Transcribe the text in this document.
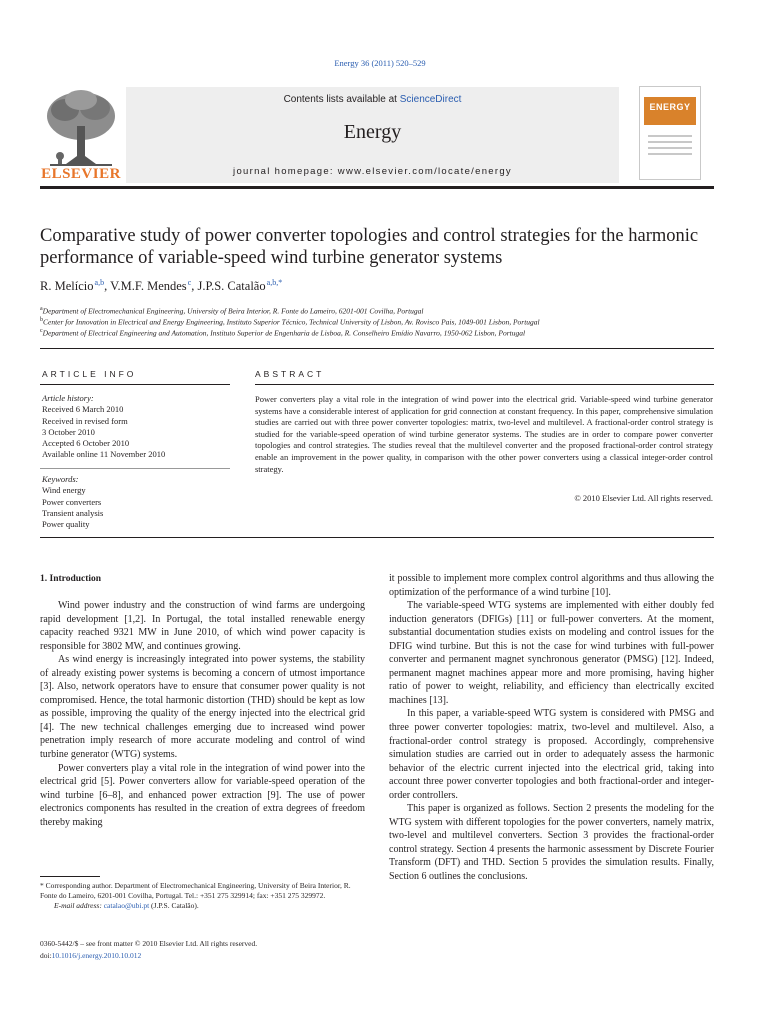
Energy 36 (2011) 520–529
ELSEVIER
Contents lists available at ScienceDirect
Energy
journal homepage: www.elsevier.com/locate/energy
ENERGY
Comparative study of power converter topologies and control strategies for the harmonic performance of variable-speed wind turbine generator systems
R. Melício $^{a,b}$, V.M.F. Mendes $^c$, J.P.S. Catalão $^{a,b,*}$
$^a$Department of Electromechanical Engineering, University of Beira Interior, R. Fonte do Lameiro, 6201-001 Covilha, Portugal
$^b$Center for Innovation in Electrical and Energy Engineering, Instituto Superior Técnico, Technical University of Lisbon, Av. Rovisco Pais, 1049-001 Lisbon, Portugal
$^c$Department of Electrical Engineering and Automation, Instituto Superior de Engenharia de Lisboa, R. Conselheiro Emídio Navarro, 1950-062 Lisbon, Portugal
ARTICLE INFO	ABSTRACT
Article history:
Received 6 March 2010
Received in revised form
3 October 2010
Accepted 6 October 2010
Available online 11 November 2010
Keywords:
Wind energy
Power converters
Transient analysis
Power quality
Power converters play a vital role in the integration of wind power into the electrical grid. Variable-speed wind turbine generator systems have a considerable interest of application for grid connection at constant frequency. In this paper, comprehensive simulation studies are carried out with three power converter topologies: matrix, two-level and multilevel. A fractional-order control strategy is studied for the variable-speed operation of wind turbine generator systems. The studies are in order to compare power converter topologies and control strategies. The studies reveal that the multilevel converter and the proposed fractional-order control strategy enable an improvement in the power quality, in comparison with the other power converters using a classical integer-order control strategy.
© 2010 Elsevier Ltd. All rights reserved.
1. Introduction

Wind power industry and the construction of wind farms are undergoing rapid development [1,2]. In Portugal, the total installed renewable energy capacity reached 9321 MW in June 2010, of which wind power capacity is responsible for 3802 MW, and continues growing.

As wind energy is increasingly integrated into power systems, the stability of already existing power systems is becoming a concern of utmost importance [3]. Also, network operators have to ensure that consumer power quality is not compromised. Hence, the total harmonic distortion (THD) should be kept as low as possible, improving the quality of the energy injected into the electrical grid [4]. The new technical challenges emerging due to increased wind power penetration imply research of more accurate modeling and control of wind turbine generator (WTG) systems.

Power converters play a vital role in the integration of wind power into the electrical grid [5]. Power converters allow for variable-speed operation of the wind turbine [6–8], and enhanced power extraction [9]. The use of power electronics components has resulted in the creation of extra degrees of freedom thereby making

it possible to implement more complex control algorithms and thus allowing the optimization of the performance of a wind turbine [10].

The variable-speed WTG systems are implemented with either doubly fed induction generators (DFIGs) [11] or full-power converters. At the moment, substantial documentation studies exists on modeling and control issues for the DFIG wind turbine. But this is not the case for wind turbines with full-power converter and permanent magnet synchronous generator (PMSG) [12]. Indeed, permanent magnet machines appear more and more promising, having higher ratio of power to weight, reliability, and efficiency than electrically excited machines [13].

In this paper, a variable-speed WTG system is considered with PMSG and three power converter topologies: matrix, two-level and multilevel. Also, a fractional-order control strategy is proposed. Accordingly, comprehensive simulation studies are carried out in order to adequately assess the harmonic behavior of the electric current injected into the electrical grid, taking into account three power converter topologies and both fractional-order and integer-order controllers.

This paper is organized as follows. Section 2 presents the modeling for the WTG system with different topologies for the power converters, namely matrix, two-level and multilevel converters. Section 3 provides the fractional-order control strategy. Section 4 presents the harmonic assessment by Discrete Fourier Transform (DFT) and THD. Section 5 provides the simulation results. Finally, Section 6 outlines the conclusions.

* Corresponding author. Department of Electromechanical Engineering, University of Beira Interior, R. Fonte do Lameiro, 6201-001 Covilha, Portugal. Tel.: +351 275 329914; fax: +351 275 329972.
E-mail address: catalao@ubi.pt (J.P.S. Catalão).
0360-5442/$ – see front matter © 2010 Elsevier Ltd. All rights reserved.
doi:10.1016/j.energy.2010.10.012
